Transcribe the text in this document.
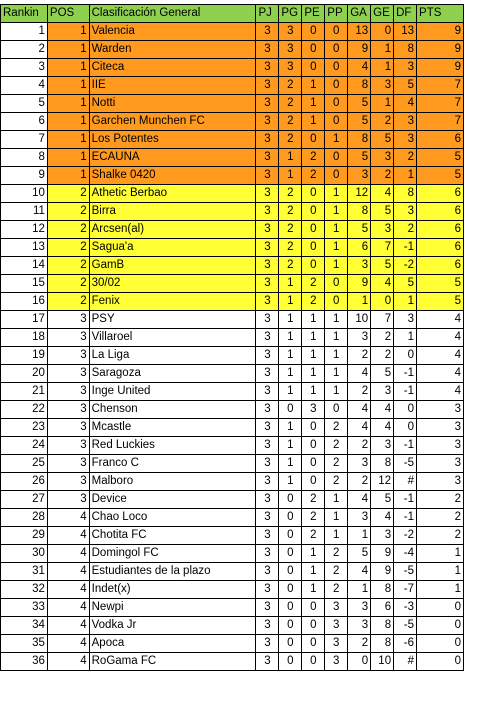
Rankin	POS	Clasificación General	PJ	PG	PE	PP	GA	GE	DF	PTS
1	1	Valencia	3	3	0	0	13	0	13	9
2	1	Warden	3	3	0	0	9	1	8	9
3	1	Citeca	3	3	0	0	4	1	3	9
4	1	IIE	3	2	1	0	8	3	5	7
5	1	Notti	3	2	1	0	5	1	4	7
6	1	Garchen Munchen FC	3	2	1	0	5	2	3	7
7	1	Los Potentes	3	2	0	1	8	5	3	6
8	1	ECAUNA	3	1	2	0	5	3	2	5
9	1	Shalke 0420	3	1	2	0	3	2	1	5
10	2	Athetic Berbao	3	2	0	1	12	4	8	6
11	2	Birra	3	2	0	1	8	5	3	6
12	2	Arcsen(al)	3	2	0	1	5	3	2	6
13	2	Sagua'a	3	2	0	1	6	7	-1	6
14	2	GamB	3	2	0	1	3	5	-2	6
15	2	30/02	3	1	2	0	9	4	5	5
16	2	Fenix	3	1	2	0	1	0	1	5
17	3	PSY	3	1	1	1	10	7	3	4
18	3	Villaroel	3	1	1	1	3	2	1	4
19	3	La Liga	3	1	1	1	2	2	0	4
20	3	Saragoza	3	1	1	1	4	5	-1	4
21	3	Inge United	3	1	1	1	2	3	-1	4
22	3	Chenson	3	0	3	0	4	4	0	3
23	3	Mcastle	3	1	0	2	4	4	0	3
24	3	Red Luckies	3	1	0	2	2	3	-1	3
25	3	Franco C	3	1	0	2	3	8	-5	3
26	3	Malboro	3	1	0	2	2	12	#	3
27	3	Device	3	0	2	1	4	5	-1	2
28	4	Chao Loco	3	0	2	1	3	4	-1	2
29	4	Chotita FC	3	0	2	1	1	3	-2	2
30	4	Domingol FC	3	0	1	2	5	9	-4	1
31	4	Estudiantes de la plazo	3	0	1	2	4	9	-5	1
32	4	Indet(x)	3	0	1	2	1	8	-7	1
33	4	Newpi	3	0	0	3	3	6	-3	0
34	4	Vodka Jr	3	0	0	3	3	8	-5	0
35	4	Apoca	3	0	0	3	2	8	-6	0
36	4	RoGama FC	3	0	0	3	0	10	#	0
